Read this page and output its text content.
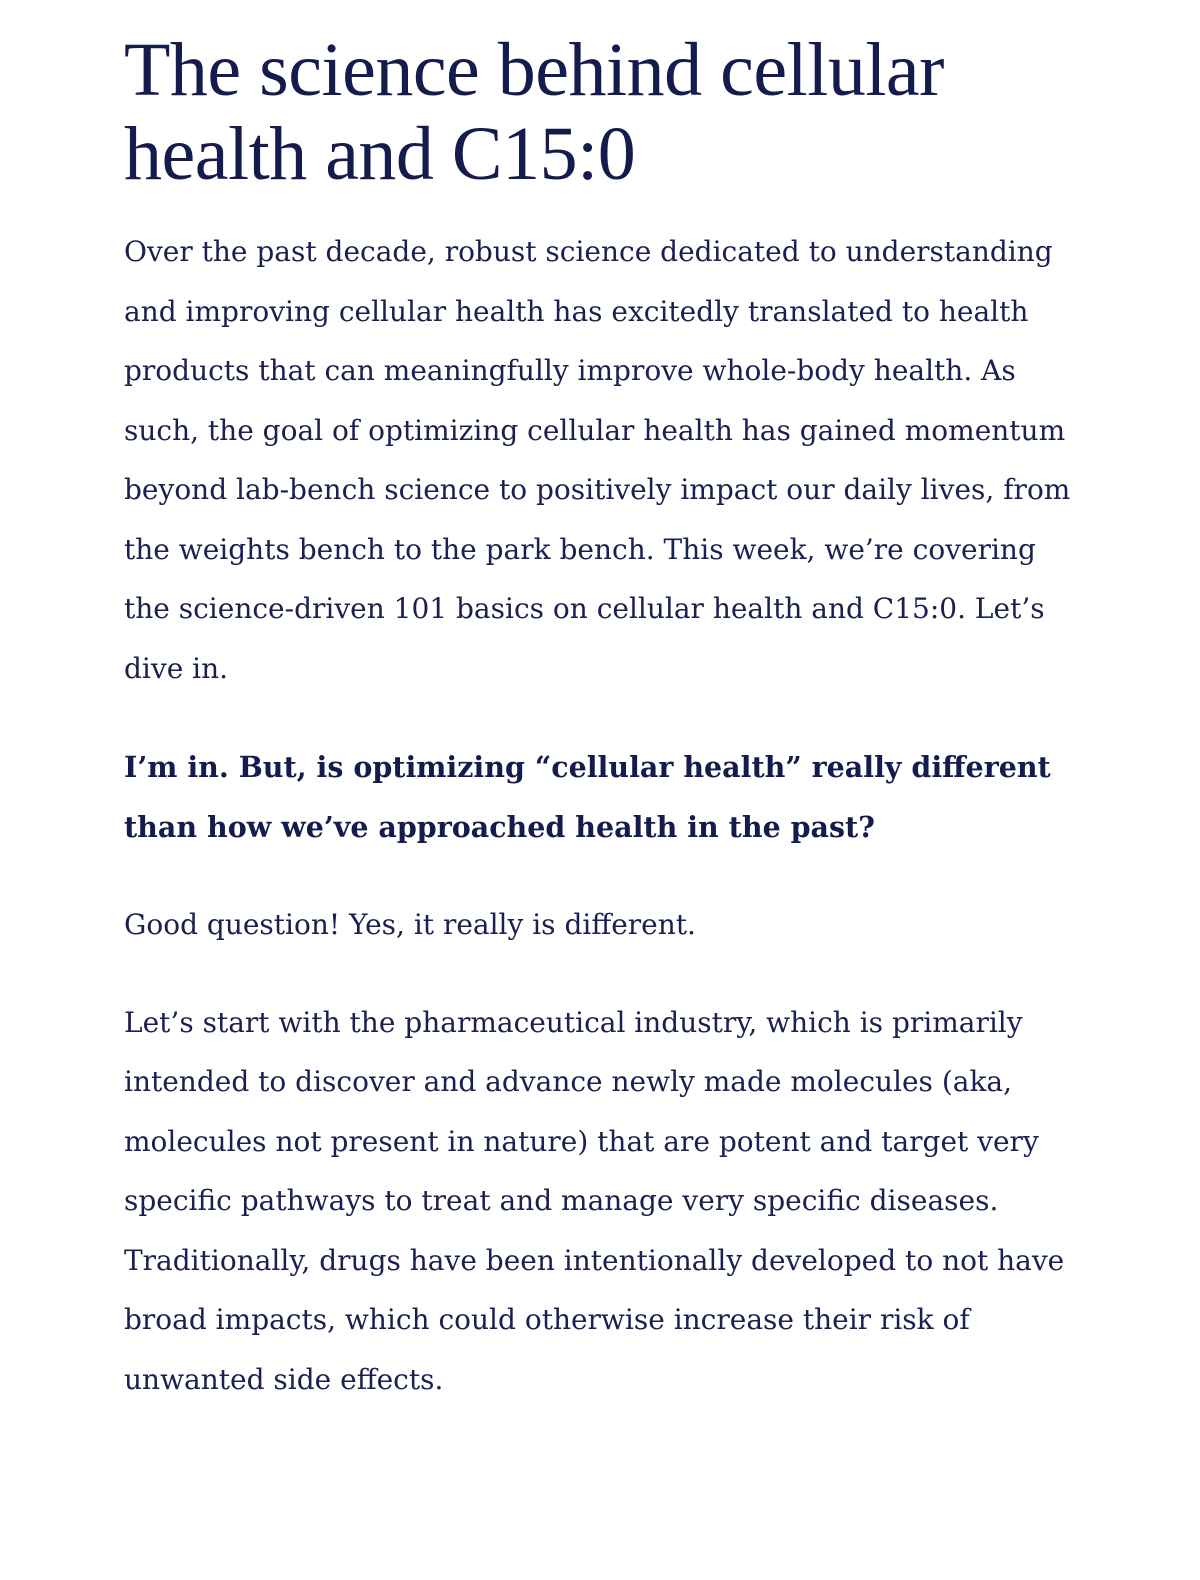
The science behind cellular health and C15:0

Over the past decade, robust science dedicated to understanding and improving cellular health has excitedly translated to health products that can meaningfully improve whole-body health. As such, the goal of optimizing cellular health has gained momentum beyond lab-bench science to positively impact our daily lives, from the weights bench to the park bench. This week, we’re covering the science-driven 101 basics on cellular health and C15:0. Let’s dive in.

I’m in. But, is optimizing “cellular health” really different than how we’ve approached health in the past?

Good question! Yes, it really is different.

Let’s start with the pharmaceutical industry, which is primarily intended to discover and advance newly made molecules (aka, molecules not present in nature) that are potent and target very specific pathways to treat and manage very specific diseases. Traditionally, drugs have been intentionally developed to not have broad impacts, which could otherwise increase their risk of unwanted side effects.
